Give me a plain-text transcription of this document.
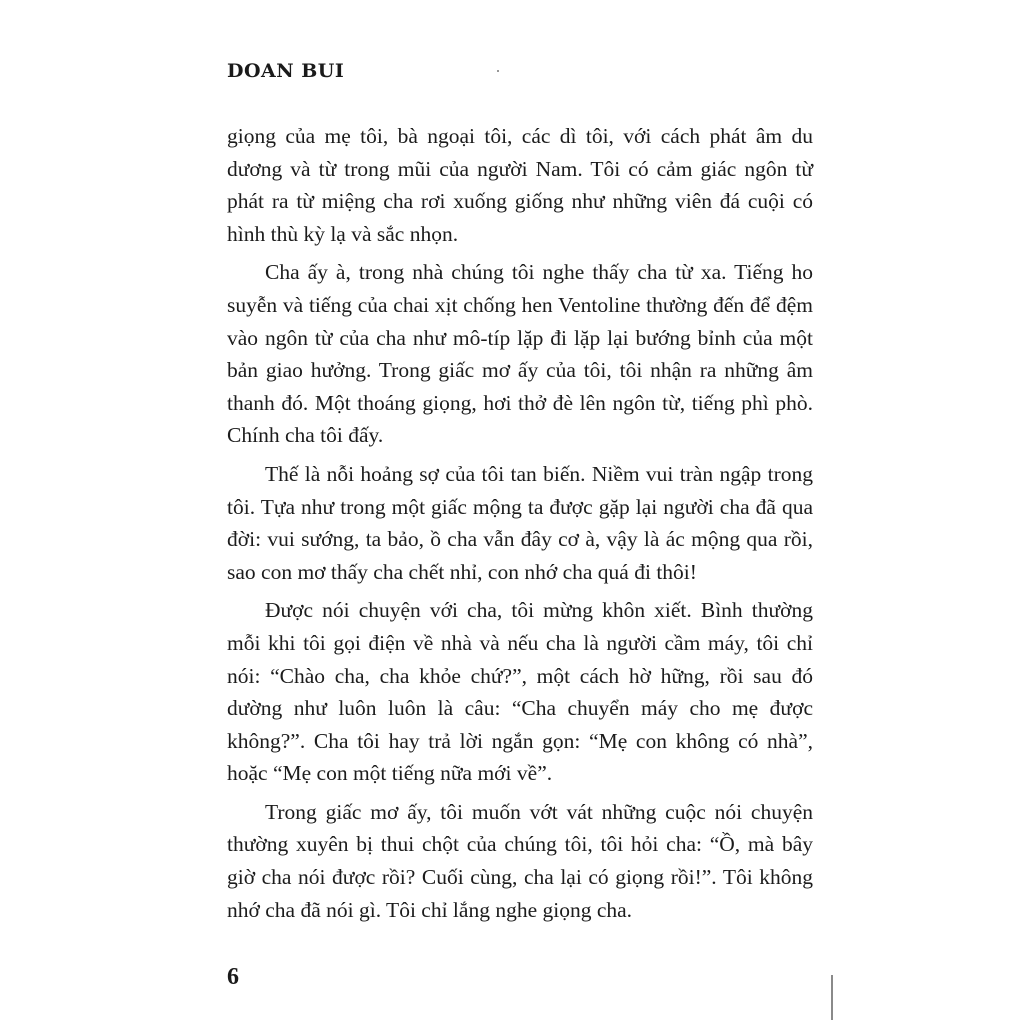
DOAN BUI

giọng của mẹ tôi, bà ngoại tôi, các dì tôi, với cách phát âm du dương và từ trong mũi của người Nam. Tôi có cảm giác ngôn từ phát ra từ miệng cha rơi xuống giống như những viên đá cuội có hình thù kỳ lạ và sắc nhọn.

Cha ấy à, trong nhà chúng tôi nghe thấy cha từ xa. Tiếng ho suyễn và tiếng của chai xịt chống hen Ventoline thường đến để đệm vào ngôn từ của cha như mô-típ lặp đi lặp lại bướng bỉnh của một bản giao hưởng. Trong giấc mơ ấy của tôi, tôi nhận ra những âm thanh đó. Một thoáng giọng, hơi thở đè lên ngôn từ, tiếng phì phò. Chính cha tôi đấy.

Thế là nỗi hoảng sợ của tôi tan biến. Niềm vui tràn ngập trong tôi. Tựa như trong một giấc mộng ta được gặp lại người cha đã qua đời: vui sướng, ta bảo, ồ cha vẫn đây cơ à, vậy là ác mộng qua rồi, sao con mơ thấy cha chết nhỉ, con nhớ cha quá đi thôi!

Được nói chuyện với cha, tôi mừng khôn xiết. Bình thường mỗi khi tôi gọi điện về nhà và nếu cha là người cầm máy, tôi chỉ nói: “Chào cha, cha khỏe chứ?”, một cách hờ hững, rồi sau đó dường như luôn luôn là câu: “Cha chuyển máy cho mẹ được không?”. Cha tôi hay trả lời ngắn gọn: “Mẹ con không có nhà”, hoặc “Mẹ con một tiếng nữa mới về”.

Trong giấc mơ ấy, tôi muốn vớt vát những cuộc nói chuyện thường xuyên bị thui chột của chúng tôi, tôi hỏi cha: “Ồ, mà bây giờ cha nói được rồi? Cuối cùng, cha lại có giọng rồi!”. Tôi không nhớ cha đã nói gì. Tôi chỉ lắng nghe giọng cha.

6
